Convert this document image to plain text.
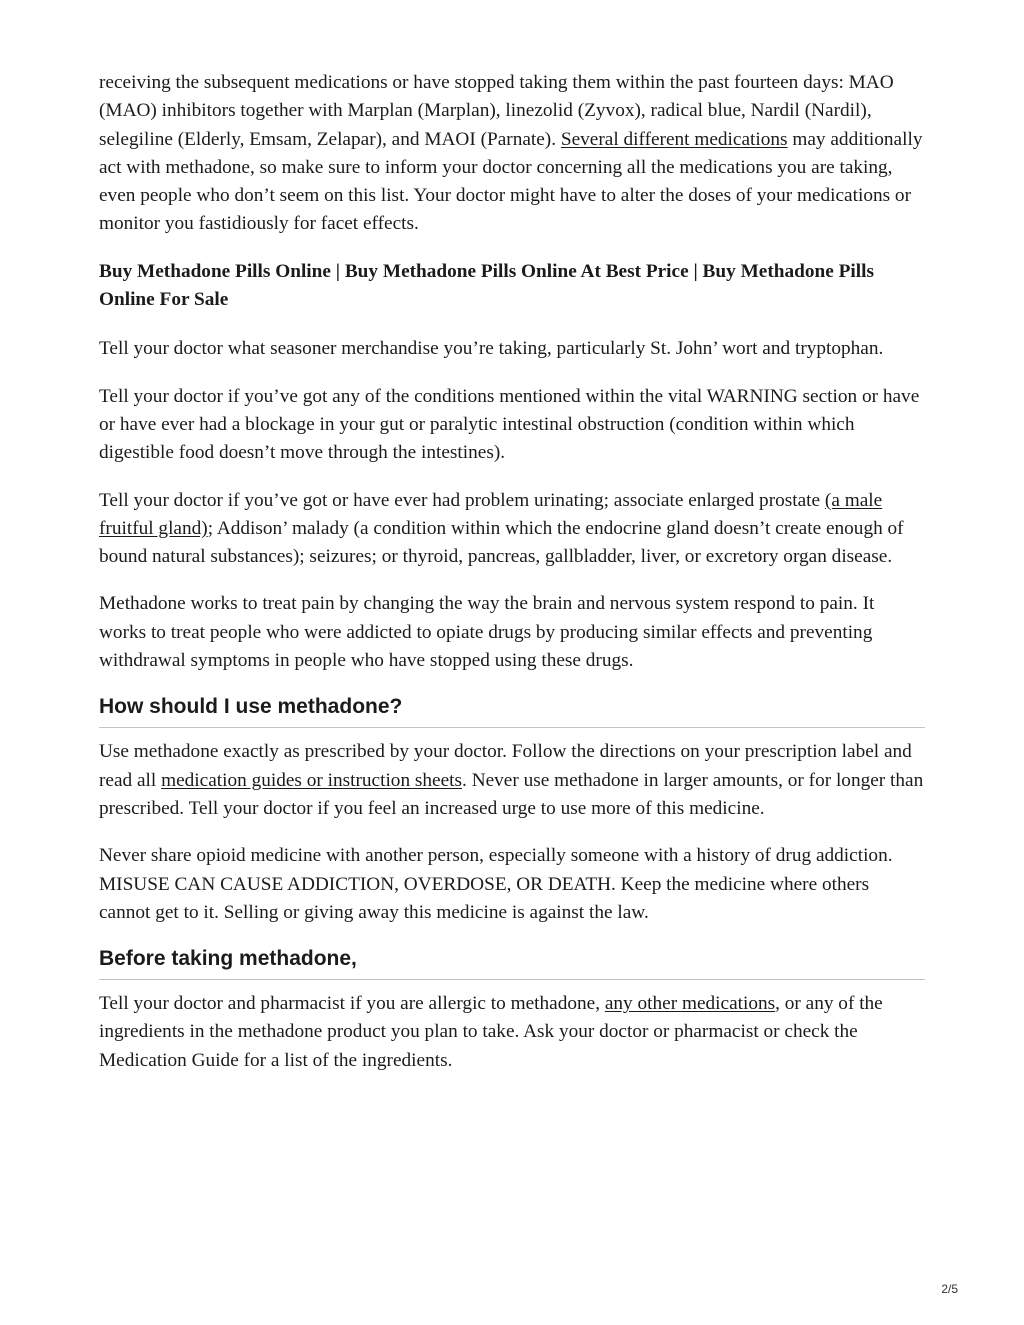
receiving the subsequent medications or have stopped taking them within the past fourteen days: MAO (MAO) inhibitors together with Marplan (Marplan), linezolid (Zyvox), radical blue, Nardil (Nardil), selegiline (Elderly, Emsam, Zelapar), and MAOI (Parnate). Several different medications may additionally act with methadone, so make sure to inform your doctor concerning all the medications you are taking, even people who don’t seem on this list. Your doctor might have to alter the doses of your medications or monitor you fastidiously for facet effects.

Buy Methadone Pills Online | Buy Methadone Pills Online At Best Price | Buy Methadone Pills Online For Sale

Tell your doctor what seasoner merchandise you’re taking, particularly St. John’ wort and tryptophan.

Tell your doctor if you’ve got any of the conditions mentioned within the vital WARNING section or have or have ever had a blockage in your gut or paralytic intestinal obstruction (condition within which digestible food doesn’t move through the intestines).

Tell your doctor if you’ve got or have ever had problem urinating; associate enlarged prostate (a male fruitful gland); Addison’ malady (a condition within which the endocrine gland doesn’t create enough of bound natural substances); seizures; or thyroid, pancreas, gallbladder, liver, or excretory organ disease.

Methadone works to treat pain by changing the way the brain and nervous system respond to pain. It works to treat people who were addicted to opiate drugs by producing similar effects and preventing withdrawal symptoms in people who have stopped using these drugs.

How should I use methadone?

Use methadone exactly as prescribed by your doctor. Follow the directions on your prescription label and read all medication guides or instruction sheets. Never use methadone in larger amounts, or for longer than prescribed. Tell your doctor if you feel an increased urge to use more of this medicine.

Never share opioid medicine with another person, especially someone with a history of drug addiction. MISUSE CAN CAUSE ADDICTION, OVERDOSE, OR DEATH. Keep the medicine where others cannot get to it. Selling or giving away this medicine is against the law.

Before taking methadone,

Tell your doctor and pharmacist if you are allergic to methadone, any other medications, or any of the ingredients in the methadone product you plan to take. Ask your doctor or pharmacist or check the Medication Guide for a list of the ingredients.

2/5
